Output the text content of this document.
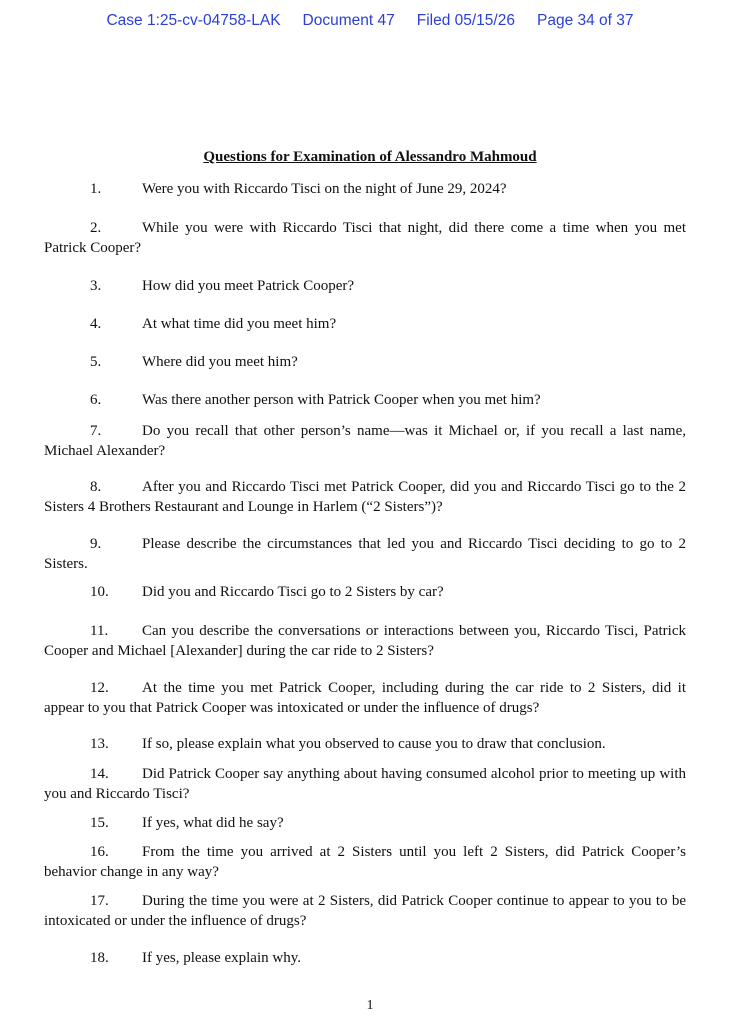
Case 1:25-cv-04758-LAK Document 47 Filed 05/15/26 Page 34 of 37
Questions for Examination of Alessandro Mahmoud
1.	Were you with Riccardo Tisci on the night of June 29, 2024?
2.	While you were with Riccardo Tisci that night, did there come a time when you met Patrick Cooper?
3.	How did you meet Patrick Cooper?
4.	At what time did you meet him?
5.	Where did you meet him?
6.	Was there another person with Patrick Cooper when you met him?
7.	Do you recall that other person’s name—was it Michael or, if you recall a last name, Michael Alexander?
8.	After you and Riccardo Tisci met Patrick Cooper, did you and Riccardo Tisci go to the 2 Sisters 4 Brothers Restaurant and Lounge in Harlem (“2 Sisters”)?
9.	Please describe the circumstances that led you and Riccardo Tisci deciding to go to 2 Sisters.
10. Did you and Riccardo Tisci go to 2 Sisters by car?
11. Can you describe the conversations or interactions between you, Riccardo Tisci, Patrick Cooper and Michael [Alexander] during the car ride to 2 Sisters?
12. At the time you met Patrick Cooper, including during the car ride to 2 Sisters, did it appear to you that Patrick Cooper was intoxicated or under the influence of drugs?
13. If so, please explain what you observed to cause you to draw that conclusion.
14. Did Patrick Cooper say anything about having consumed alcohol prior to meeting up with you and Riccardo Tisci?
15. If yes, what did he say?
16. From the time you arrived at 2 Sisters until you left 2 Sisters, did Patrick Cooper’s behavior change in any way?
17. During the time you were at 2 Sisters, did Patrick Cooper continue to appear to you to be intoxicated or under the influence of drugs?
18. If yes, please explain why.
1
